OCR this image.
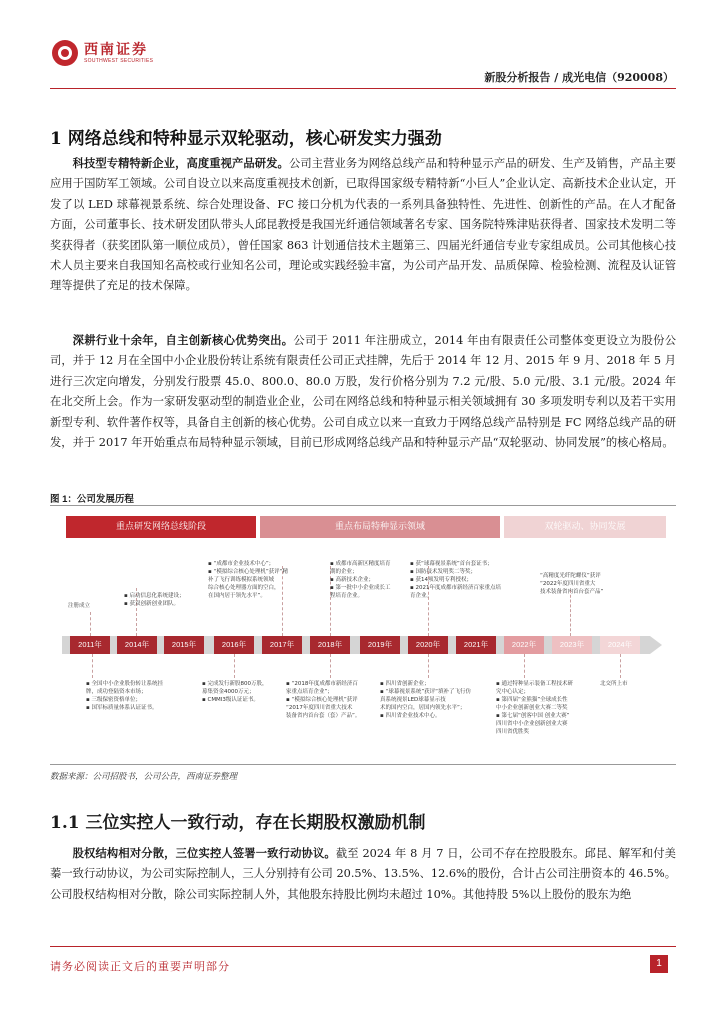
西南证券
SOUTHWEST SECURITIES
新股分析报告 / 成光电信（920008）
1 网络总线和特种显示双轮驱动，核心研发实力强劲

科技型专精特新企业，高度重视产品研发。公司主营业务为网络总线产品和特种显示产品的研发、生产及销售，产品主要应用于国防军工领域。公司自设立以来高度重视技术创新，已取得国家级专精特新“小巨人”企业认定、高新技术企业认定，开发了以 LED 球幕视景系统、综合处理设备、FC 接口分机为代表的一系列具备独特性、先进性、创新性的产品。在人才配备方面，公司董事长、技术研发团队带头人邱昆教授是我国光纤通信领域著名专家、国务院特殊津贴获得者、国家技术发明二等奖获得者（获奖团队第一顺位成员），曾任国家 863 计划通信技术主题第三、四届光纤通信专业专家组成员。公司其他核心技术人员主要来自我国知名高校或行业知名公司，理论或实践经验丰富，为公司产品开发、品质保障、检验检测、流程及认证管理等提供了充足的技术保障。

深耕行业十余年，自主创新核心优势突出。公司于 2011 年注册成立，2014 年由有限责任公司整体变更设立为股份公司，并于 12 月在全国中小企业股份转让系统有限责任公司正式挂牌，先后于 2014 年 12 月、2015 年 9 月、2018 年 5 月进行三次定向增发，分别发行股票 45.0、800.0、80.0 万股，发行价格分别为 7.2 元/股、5.0 元/股、3.1 元/股。2024 年在北交所上会。作为一家研发驱动型的制造业企业，公司在网络总线和特种显示相关领域拥有 30 多项发明专利以及若干实用新型专利、软件著作权等，具备自主创新的核心优势。公司自成立以来一直致力于网络总线产品特别是 FC 网络总线产品的研发，并于 2017 年开始重点布局特种显示领域，目前已形成网络总线产品和特种显示产品“双轮驱动、协同发展”的核心格局。

图 1：公司发展历程
重点研发网络总线阶段	重点布局特种显示领域	双轮驱动、协同发展
2011年	2014年	2015年	2016年	2017年	2018年	2019年	2020年	2021年	2022年	2023年	2024年
注册成立
▪ 启动信息化系统建设；
▪ 获双创新创业团队。
▪ “成都市企业技术中心”；
▪ “模拟综合核心处理机”获评“精
补了飞行训练模拟系统领域
综合核心处理器方面的空白，
在国内居于领先水平”。
▪ 成都市高新区精度培育
期的企业；
▪ 高新技术企业；
▪ 第一批中小企业成长工
程培育企业。
▪ 获“球幕视景系统”首台套证书；
▪ 国防技术发明奖二等奖；
▪ 获14项发明专利授权；
▪ 2021年度成都市新经济百家重点培
育企业。
“高精度光纤陀螺仪”获评
“2022年度四川省重大
技术装备省内首台套产品”
▪ 全国中小企业股份转让系统挂
牌，成功登陆资本市场；
▪ 三级保密资格单位；
▪ 国军标质量体系认证证书。
▪ 完成发行新股800万股，
募集资金4000万元；
▪ CMMI3级认证证书。
▪ “2018年度成都市新经济百
家重点培育企业”；
▪ “模拟综合核心处理机”获评
“2017年度四川省重大技术
装备省内首台套（套）产品”。
▪ 四川省创新企业；
▪ “球幕视景系统”获评“填补了飞行仿
真系统视景LED球幕显示技
术的国内空白，居国内领先水平”；
▪ 四川省企业技术中心。
▪ 通过特种显示装备工程技术研
究中心认定；
▪ 第四届“金熊猫”全球成长性
中小企业创新创业大赛二等奖
▪ 第七届“创客中国 创业大赛”
四川省中小企业创新创业大赛
四川省优胜奖
北交所上市
数据来源：公司招股书，公司公告，西南证券整理
1.1 三位实控人一致行动，存在长期股权激励机制

股权结构相对分散，三位实控人签署一致行动协议。截至 2024 年 8 月 7 日，公司不存在控股股东。邱昆、解军和付美蓁一致行动协议，为公司实际控制人，三人分别持有公司 20.5%、13.5%、12.6%的股份，合计占公司注册资本的 46.5%。公司股权结构相对分散，除公司实际控制人外，其他股东持股比例均未超过 10%。其他持股 5%以上股份的股东为绝

请务必阅读正文后的重要声明部分	1
